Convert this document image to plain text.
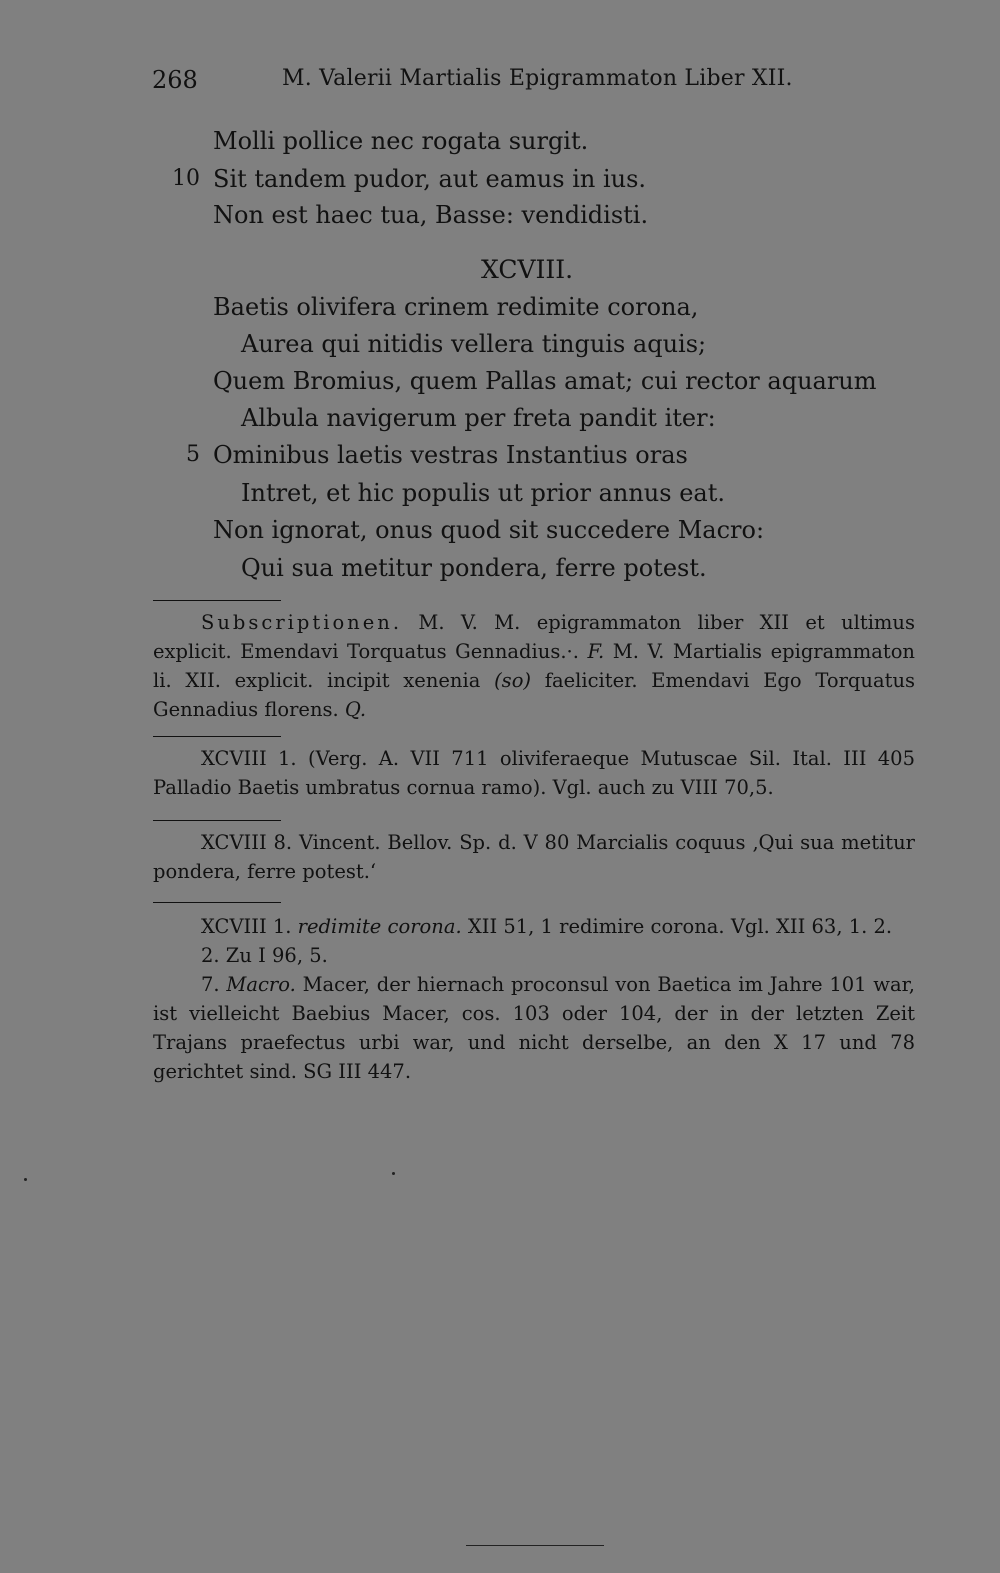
268	M. Valerii Martialis Epigrammaton Liber XII.
Molli pollice nec rogata surgit.
10 Sit tandem pudor, aut eamus in ius.
Non est haec tua, Basse: vendidisti.
XCVIII.
Baetis olivifera crinem redimite corona,
Aurea qui nitidis vellera tinguis aquis;
Quem Bromius, quem Pallas amat; cui rector aquarum
Albula navigerum per freta pandit iter:
5 Ominibus laetis vestras Instantius oras
Intret, et hic populis ut prior annus eat.
Non ignorat, onus quod sit succedere Macro:
Qui sua metitur pondera, ferre potest.

Subscriptionen. M. V. M. epigrammaton liber XII et ultimus explicit. Emendavi Torquatus Gennadius.·. F. M. V. Martialis epigrammaton li. XII. explicit. incipit xenenia (so) faeliciter. Emendavi Ego Torquatus Gennadius florens. Q.

XCVIII 1. (Verg. A. VII 711 oliviferaeque Mutuscae Sil. Ital. III 405 Palladio Baetis umbratus cornua ramo). Vgl. auch zu VIII 70,5.

XCVIII 8. Vincent. Bellov. Sp. d. V 80 Marcialis coquus ‚Qui sua metitur pondera, ferre potest.‘

XCVIII 1. redimite corona. XII 51, 1 redimire corona. Vgl. XII 63, 1. 2.

2. Zu I 96, 5.

7. Macro. Macer, der hiernach proconsul von Baetica im Jahre 101 war, ist vielleicht Baebius Macer, cos. 103 oder 104, der in der letzten Zeit Trajans praefectus urbi war, und nicht derselbe, an den X 17 und 78 gerichtet sind. SG III 447.
